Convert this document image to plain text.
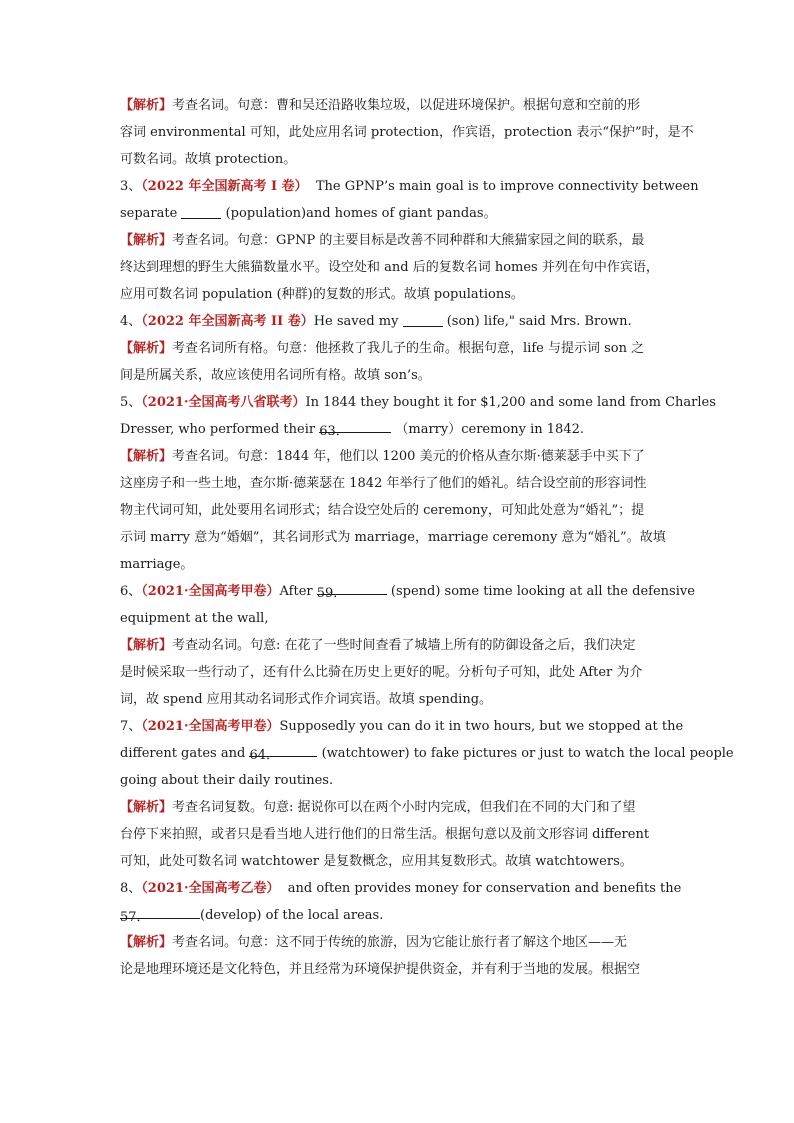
【解析】考查名词。句意：曹和吴还沿路收集垃圾，以促进环境保护。根据句意和空前的形
容词 environmental 可知，此处应用名词 protection，作宾语，protection 表示“保护”时，是不
可数名词。故填 protection。
3、（2022 年全国新高考 I 卷） The GPNP’s main goal is to improve connectivity between
separate	(population)and homes of giant pandas。
【解析】考查名词。句意：GPNP 的主要目标是改善不同种群和大熊猫家园之间的联系，最
终达到理想的野生大熊猫数量水平。设空处和 and 后的复数名词 homes 并列在句中作宾语，
应用可数名词 population (种群)的复数的形式。故填 populations。
4、（2022 年全国新高考 II 卷）He saved my	(son) life," said Mrs. Brown.
【解析】考查名词所有格。句意：他拯救了我儿子的生命。根据句意，life 与提示词 son 之
间是所属关系，故应该使用名词所有格。故填 son’s。
5、（2021·全国高考八省联考）In 1844 they bought it for $1,200 and some land from Charles
Dresser, who performed their 63．	（marry）ceremony in 1842.
【解析】考查名词。句意：1844 年，他们以 1200 美元的价格从查尔斯·德莱瑟手中买下了
这座房子和一些土地，查尔斯·德莱瑟在 1842 年举行了他们的婚礼。结合设空前的形容词性
物主代词可知，此处要用名词形式；结合设空处后的 ceremony，可知此处意为“婚礼”；提
示词 marry 意为“婚姻”，其名词形式为 marriage，marriage ceremony 意为“婚礼”。故填
marriage。
6、（2021·全国高考甲卷）After 59．	(spend) some time looking at all the defensive
equipment at the wall,
【解析】考查动名词。句意: 在花了一些时间查看了城墙上所有的防御设备之后，我们决定
是时候采取一些行动了，还有什么比骑在历史上更好的呢。分析句子可知，此处 After 为介
词，故 spend 应用其动名词形式作介词宾语。故填 spending。
7、（2021·全国高考甲卷）Supposedly you can do it in two hours, but we stopped at the
different gates and 64．	(watchtower) to fake pictures or just to watch the local people
going about their daily routines.
【解析】考查名词复数。句意: 据说你可以在两个小时内完成，但我们在不同的大门和了望
台停下来拍照，或者只是看当地人进行他们的日常生活。根据句意以及前文形容词 different
可知，此处可数名词 watchtower 是复数概念，应用其复数形式。故填 watchtowers。
8、（2021·全国高考乙卷） and often provides money for conservation and benefits the
57．	(develop) of the local areas.
【解析】考查名词。句意：这不同于传统的旅游，因为它能让旅行者了解这个地区——无
论是地理环境还是文化特色，并且经常为环境保护提供资金，并有利于当地的发展。根据空
